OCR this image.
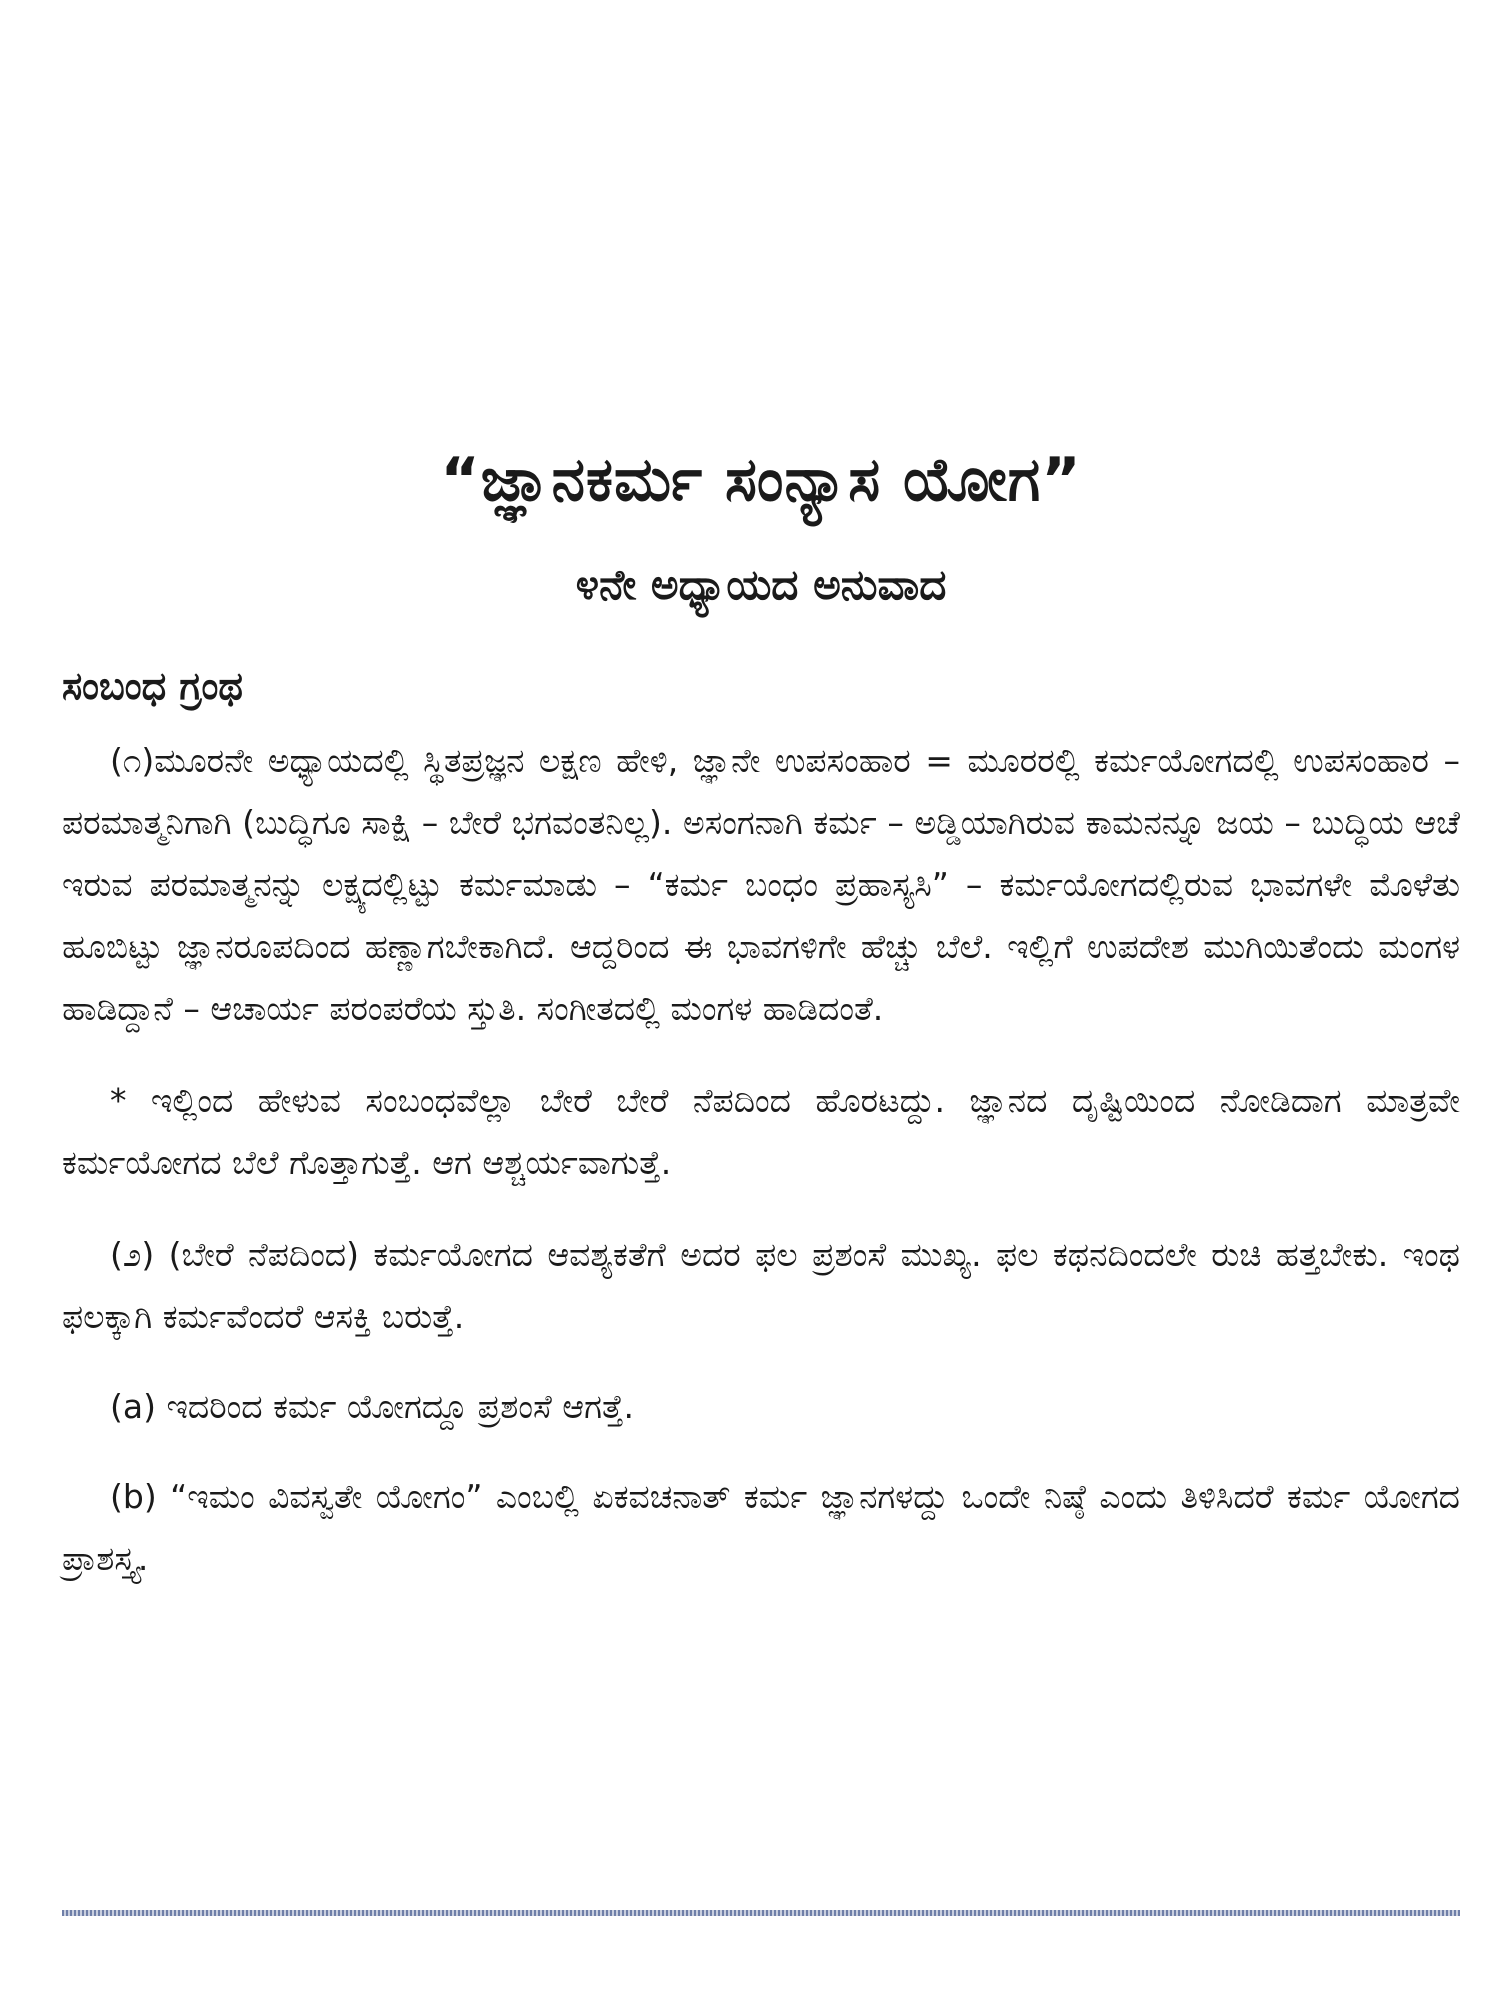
“ಜ್ಞಾನಕರ್ಮ ಸಂನ್ಯಾಸ ಯೋಗ”
೪ನೇ ಅಧ್ಯಾಯದ ಅನುವಾದ
ಸಂಬಂಧ ಗ್ರಂಥ

(೧)ಮೂರನೇ ಅಧ್ಯಾಯದಲ್ಲಿ ಸ್ಥಿತಪ್ರಜ್ಞನ ಲಕ್ಷಣ ಹೇಳಿ, ಜ್ಞಾನೇ ಉಪಸಂಹಾರ = ಮೂರರಲ್ಲಿ ಕರ್ಮಯೋಗದಲ್ಲಿ ಉಪಸಂಹಾರ – ಪರಮಾತ್ಮನಿಗಾಗಿ (ಬುದ್ಧಿಗೂ ಸಾಕ್ಷಿ – ಬೇರೆ ಭಗವಂತನಿಲ್ಲ). ಅಸಂಗನಾಗಿ ಕರ್ಮ – ಅಡ್ಡಿಯಾಗಿರುವ ಕಾಮನನ್ನೂ ಜಯ – ಬುದ್ಧಿಯ ಆಚೆ ಇರುವ ಪರಮಾತ್ಮನನ್ನು ಲಕ್ಷ್ಯದಲ್ಲಿಟ್ಟು ಕರ್ಮಮಾಡು – “ಕರ್ಮ ಬಂಧಂ ಪ್ರಹಾಸ್ಯಸಿ” – ಕರ್ಮಯೋಗದಲ್ಲಿರುವ ಭಾವಗಳೇ ಮೊಳೆತು ಹೂಬಿಟ್ಟು ಜ್ಞಾನರೂಪದಿಂದ ಹಣ್ಣಾಗಬೇಕಾಗಿದೆ. ಆದ್ದರಿಂದ ಈ ಭಾವಗಳಿಗೇ ಹೆಚ್ಚು ಬೆಲೆ. ಇಲ್ಲಿಗೆ ಉಪದೇಶ ಮುಗಿಯಿತೆಂದು ಮಂಗಳ ಹಾಡಿದ್ದಾನೆ – ಆಚಾರ್ಯ ಪರಂಪರೆಯ ಸ್ತುತಿ. ಸಂಗೀತದಲ್ಲಿ ಮಂಗಳ ಹಾಡಿದಂತೆ.

* ಇಲ್ಲಿಂದ ಹೇಳುವ ಸಂಬಂಧವೆಲ್ಲಾ ಬೇರೆ ಬೇರೆ ನೆಪದಿಂದ ಹೊರಟದ್ದು. ಜ್ಞಾನದ ದೃಷ್ಟಿಯಿಂದ ನೋಡಿದಾಗ ಮಾತ್ರವೇ ಕರ್ಮಯೋಗದ ಬೆಲೆ ಗೊತ್ತಾಗುತ್ತೆ. ಆಗ ಆಶ್ಚರ್ಯವಾಗುತ್ತೆ.

(೨) (ಬೇರೆ ನೆಪದಿಂದ) ಕರ್ಮಯೋಗದ ಆವಶ್ಯಕತೆಗೆ ಅದರ ಫಲ ಪ್ರಶಂಸೆ ಮುಖ್ಯ. ಫಲ ಕಥನದಿಂದಲೇ ರುಚಿ ಹತ್ತಬೇಕು. ಇಂಥ ಫಲಕ್ಕಾಗಿ ಕರ್ಮವೆಂದರೆ ಆಸಕ್ತಿ ಬರುತ್ತೆ.

(a) ಇದರಿಂದ ಕರ್ಮ ಯೋಗದ್ದೂ ಪ್ರಶಂಸೆ ಆಗತ್ತೆ.

(b) “ಇಮಂ ವಿವಸ್ವತೇ ಯೋಗಂ” ಎಂಬಲ್ಲಿ ಏಕವಚನಾತ್ ಕರ್ಮ ಜ್ಞಾನಗಳದ್ದು ಒಂದೇ ನಿಷ್ಠೆ ಎಂದು ತಿಳಿಸಿದರೆ ಕರ್ಮ ಯೋಗದ ಪ್ರಾಶಸ್ತ್ಯ.
